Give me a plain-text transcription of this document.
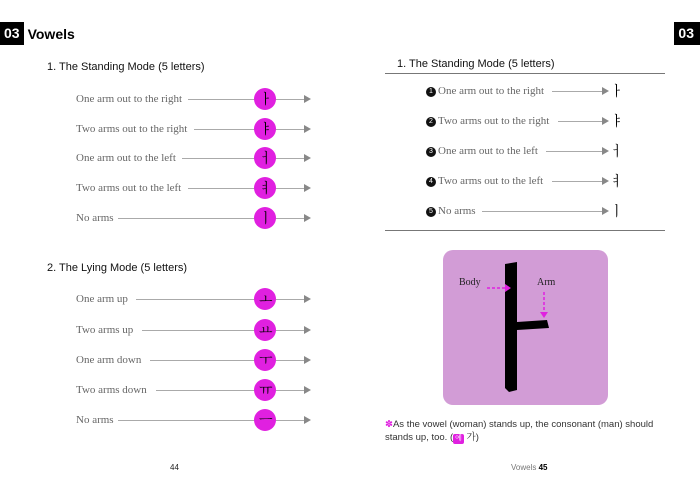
03 Vowels
1. The Standing Mode (5 letters)
One arm out to the right	ㅏ
Two arms out to the right	ㅑ
One arm out to the left	ㅓ
Two arms out to the left	ㅕ
No arms	ㅣ
2. The Lying Mode (5 letters)
One arm up	ㅗ
Two arms up	ㅛ
One arm down	ㅜ
Two arms down	ㅠ
No arms	ㅡ
44
03
1. The Standing Mode (5 letters)
1 One arm out to the right	ㅏ
2 Two arms out to the right	ㅑ
3 One arm out to the left	ㅓ
4 Two arms out to the left	ㅕ
5 No arms	ㅣ
Body	Arm
✽As the vowel (woman) stands up, the consonant (man) should stands up, too. ( 예 가)
Vowels 45
